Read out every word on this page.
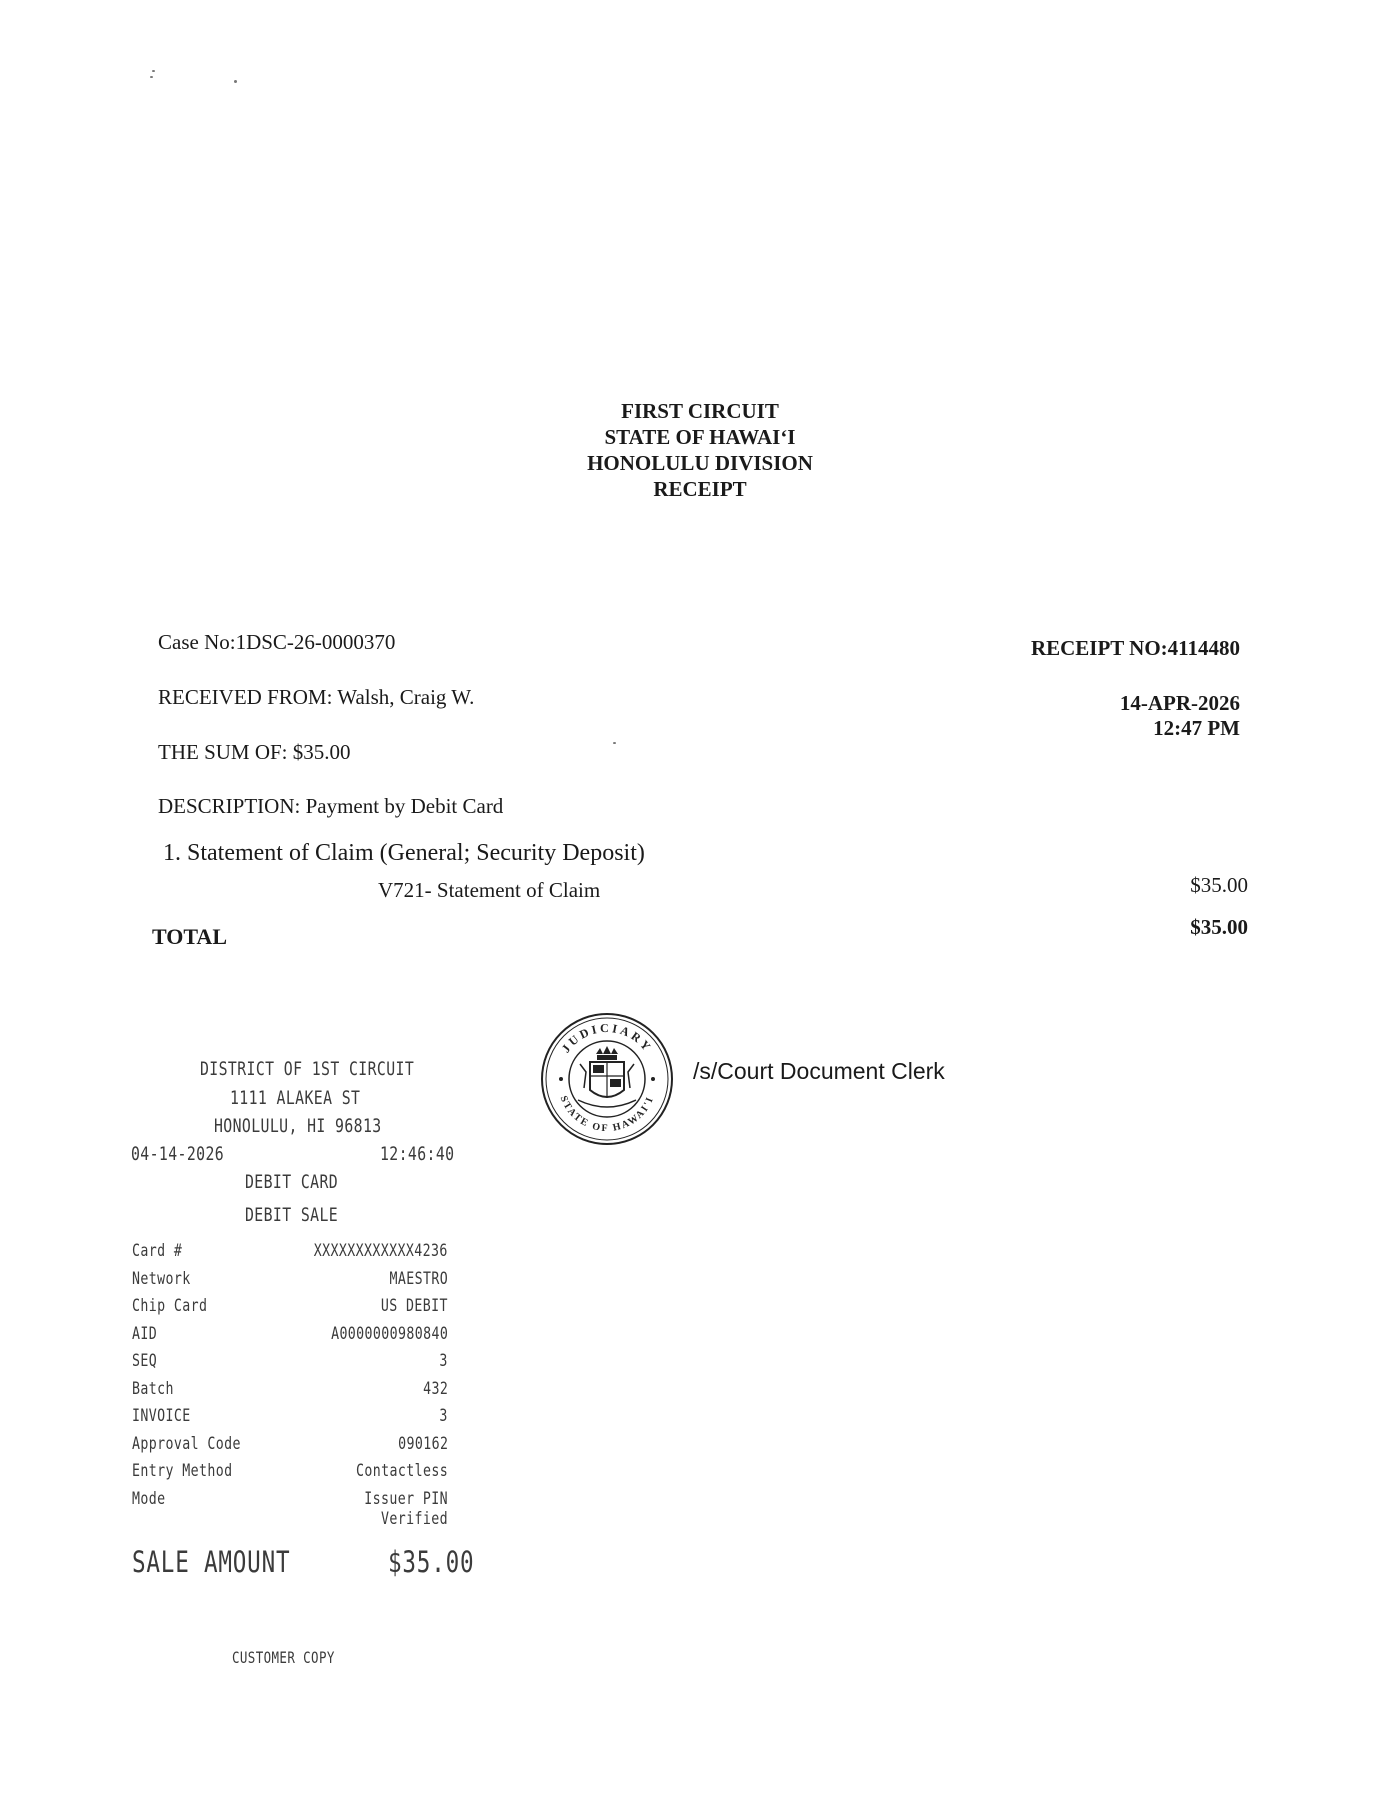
FIRST CIRCUIT
STATE OF HAWAI‘I
HONOLULU DIVISION
RECEIPT
Case No:1DSC-26-0000370
RECEIVED FROM: Walsh, Craig W.
THE SUM OF: $35.00
DESCRIPTION: Payment by Debit Card
RECEIPT NO:4114480
14-APR-2026
12:47 PM
1. Statement of Claim (General; Security Deposit)
V721- Statement of Claim	$35.00
TOTAL	$35.00
JUDICIARY
STATE OF HAWAI'I
/s/Court Document Clerk
DISTRICT OF 1ST CIRCUIT
1111 ALAKEA ST
HONOLULU, HI 96813
04-14-2026	12:46:40
DEBIT CARD
DEBIT SALE
Card #	XXXXXXXXXXXX4236
Network	MAESTRO
Chip Card	US DEBIT
AID	A0000000980840
SEQ	3
Batch	432
INVOICE	3
Approval Code	090162
Entry Method	Contactless
Mode	Issuer PIN Verified
SALE AMOUNT	$35.00
CUSTOMER COPY
